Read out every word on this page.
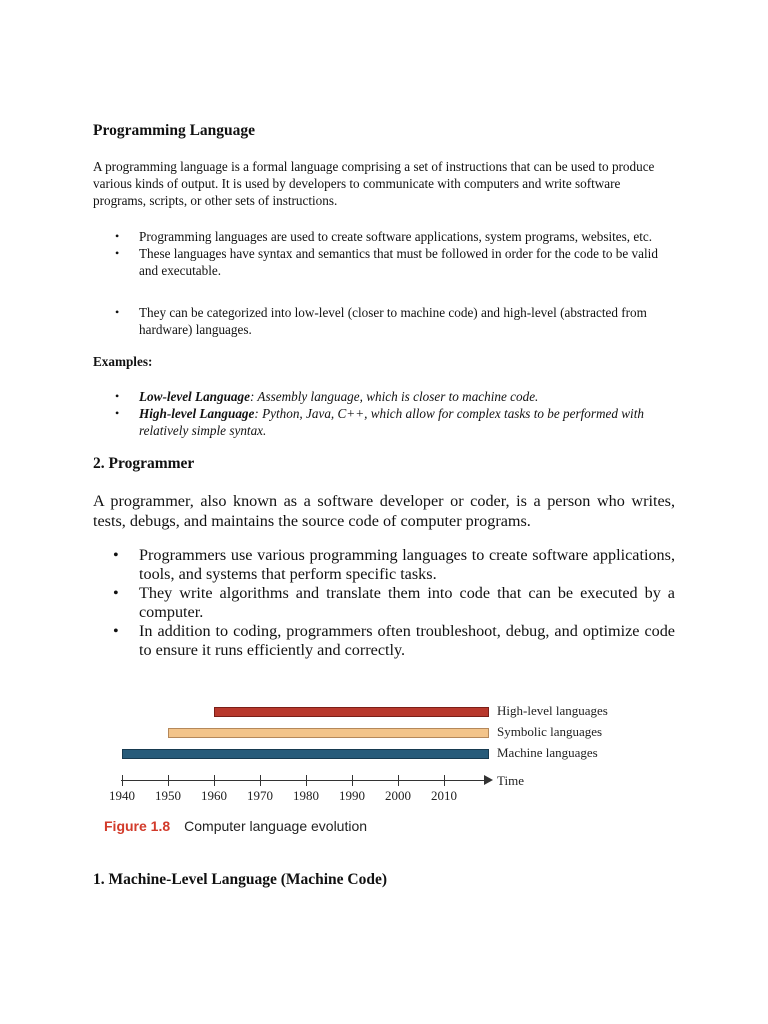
Programming Language

A programming language is a formal language comprising a set of instructions that can be used to produce various kinds of output. It is used by developers to communicate with computers and write software programs, scripts, or other sets of instructions.

• Programming languages are used to create software applications, system programs, websites, etc.
• These languages have syntax and semantics that must be followed in order for the code to be valid and executable.
• They can be categorized into low-level (closer to machine code) and high-level (abstracted from hardware) languages.

Examples:

• Low-level Language: Assembly language, which is closer to machine code.
• High-level Language: Python, Java, C++, which allow for complex tasks to be performed with relatively simple syntax.
2. Programmer

A programmer, also known as a software developer or coder, is a person who writes, tests, debugs, and maintains the source code of computer programs.

• Programmers use various programming languages to create software applications, tools, and systems that perform specific tasks.
• They write algorithms and translate them into code that can be executed by a computer.
• In addition to coding, programmers often troubleshoot, debug, and optimize code to ensure it runs efficiently and correctly.
1. Machine-Level Language (Machine Code)
High-level languages
Symbolic languages
Machine languages
Time
1940 1950 1960 1970 1980 1990 2000 2010
Figure 1.8 Computer language evolution
